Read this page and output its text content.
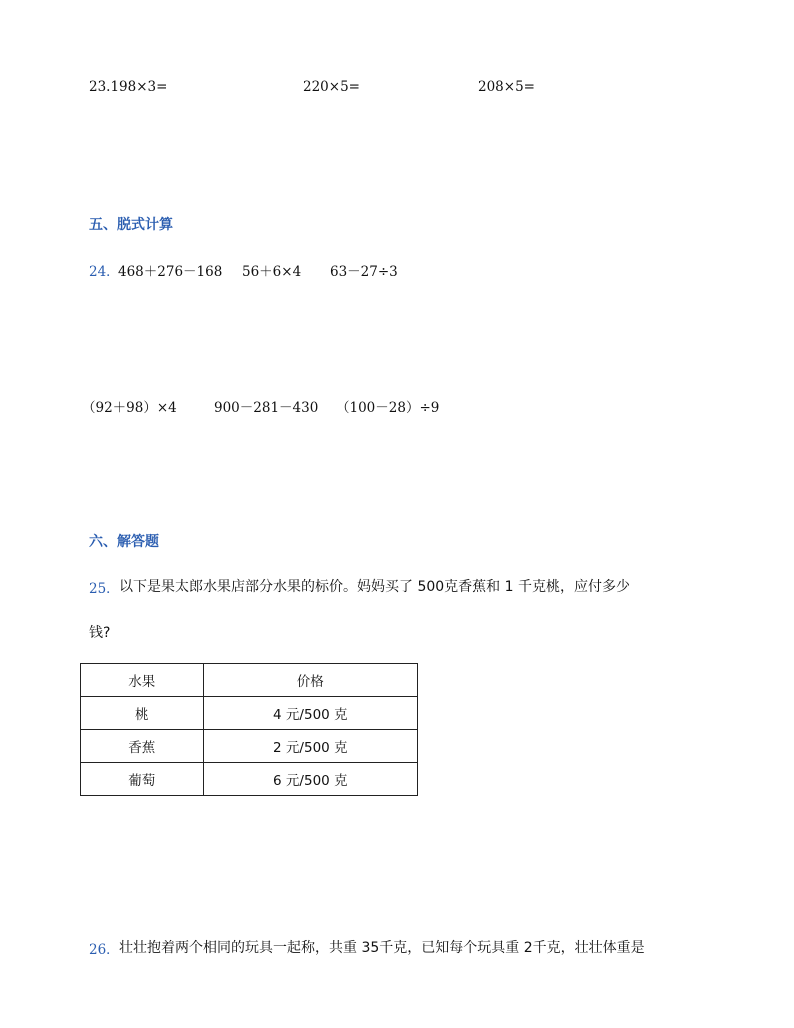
23.198×3=	220×5=	208×5=
五、脱式计算
24．
468＋276－168 56＋6×4 63－27÷3
（92＋98）×4	900－281－430 （100－28）÷9
六、解答题
25． 以下是果太郎水果店部分水果的标价。妈妈买了 500克香蕉和 1 千克桃，应付多少
钱?
水果	价格
桃	4 元/500 克
香蕉	2 元/500 克
葡萄	6 元/500 克
26． 壮壮抱着两个相同的玩具一起称，共重 35千克，已知每个玩具重 2千克，壮壮体重是
